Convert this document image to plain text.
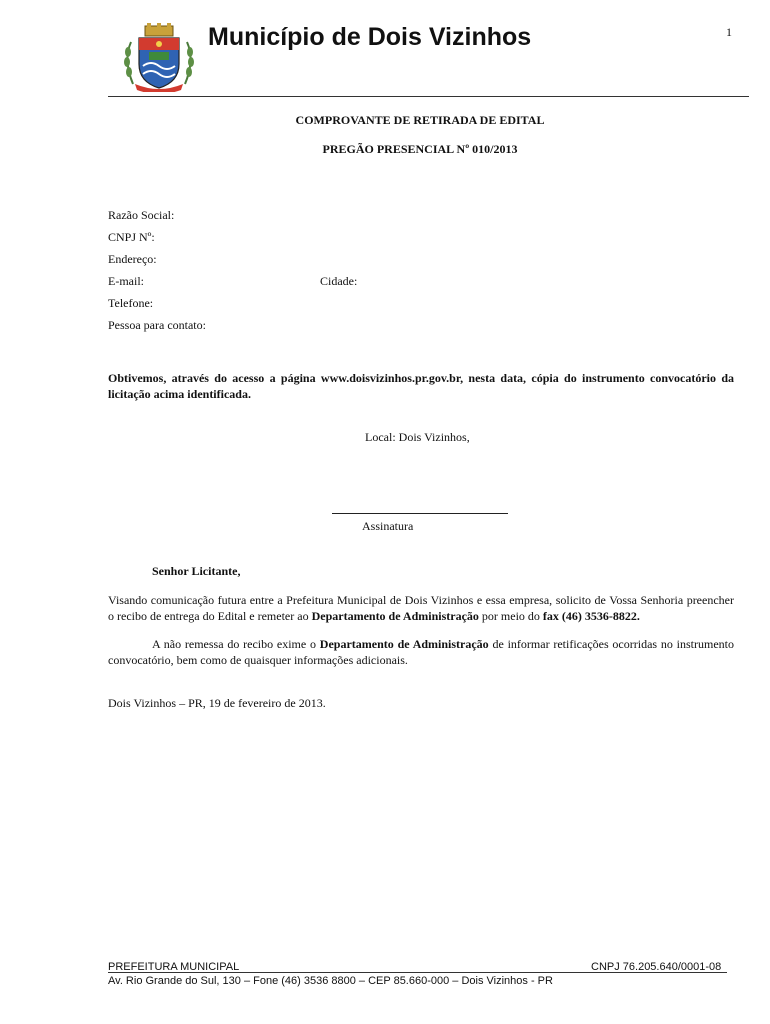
Município de Dois Vizinhos	1
COMPROVANTE DE RETIRADA DE EDITAL
PREGÃO PRESENCIAL Nº 010/2013
Razão Social:
CNPJ Nº:
Endereço:
E-mail:	Cidade:
Telefone:
Pessoa para contato:
Obtivemos, através do acesso a página www.doisvizinhos.pr.gov.br, nesta data, cópia do instrumento convocatório da licitação acima identificada.
Local: Dois Vizinhos,
Assinatura
Senhor Licitante,
Visando comunicação futura entre a Prefeitura Municipal de Dois Vizinhos e essa empresa, solicito de Vossa Senhoria preencher o recibo de entrega do Edital e remeter ao Departamento de Administração por meio do fax (46) 3536-8822.
A não remessa do recibo exime o Departamento de Administração de informar retificações ocorridas no instrumento convocatório, bem como de quaisquer informações adicionais.
Dois Vizinhos – PR, 19 de fevereiro de 2013.
PREFEITURA MUNICIPAL	CNPJ 76.205.640/0001-08
Av. Rio Grande do Sul, 130 – Fone (46) 3536 8800 – CEP 85.660-000 – Dois Vizinhos - PR
